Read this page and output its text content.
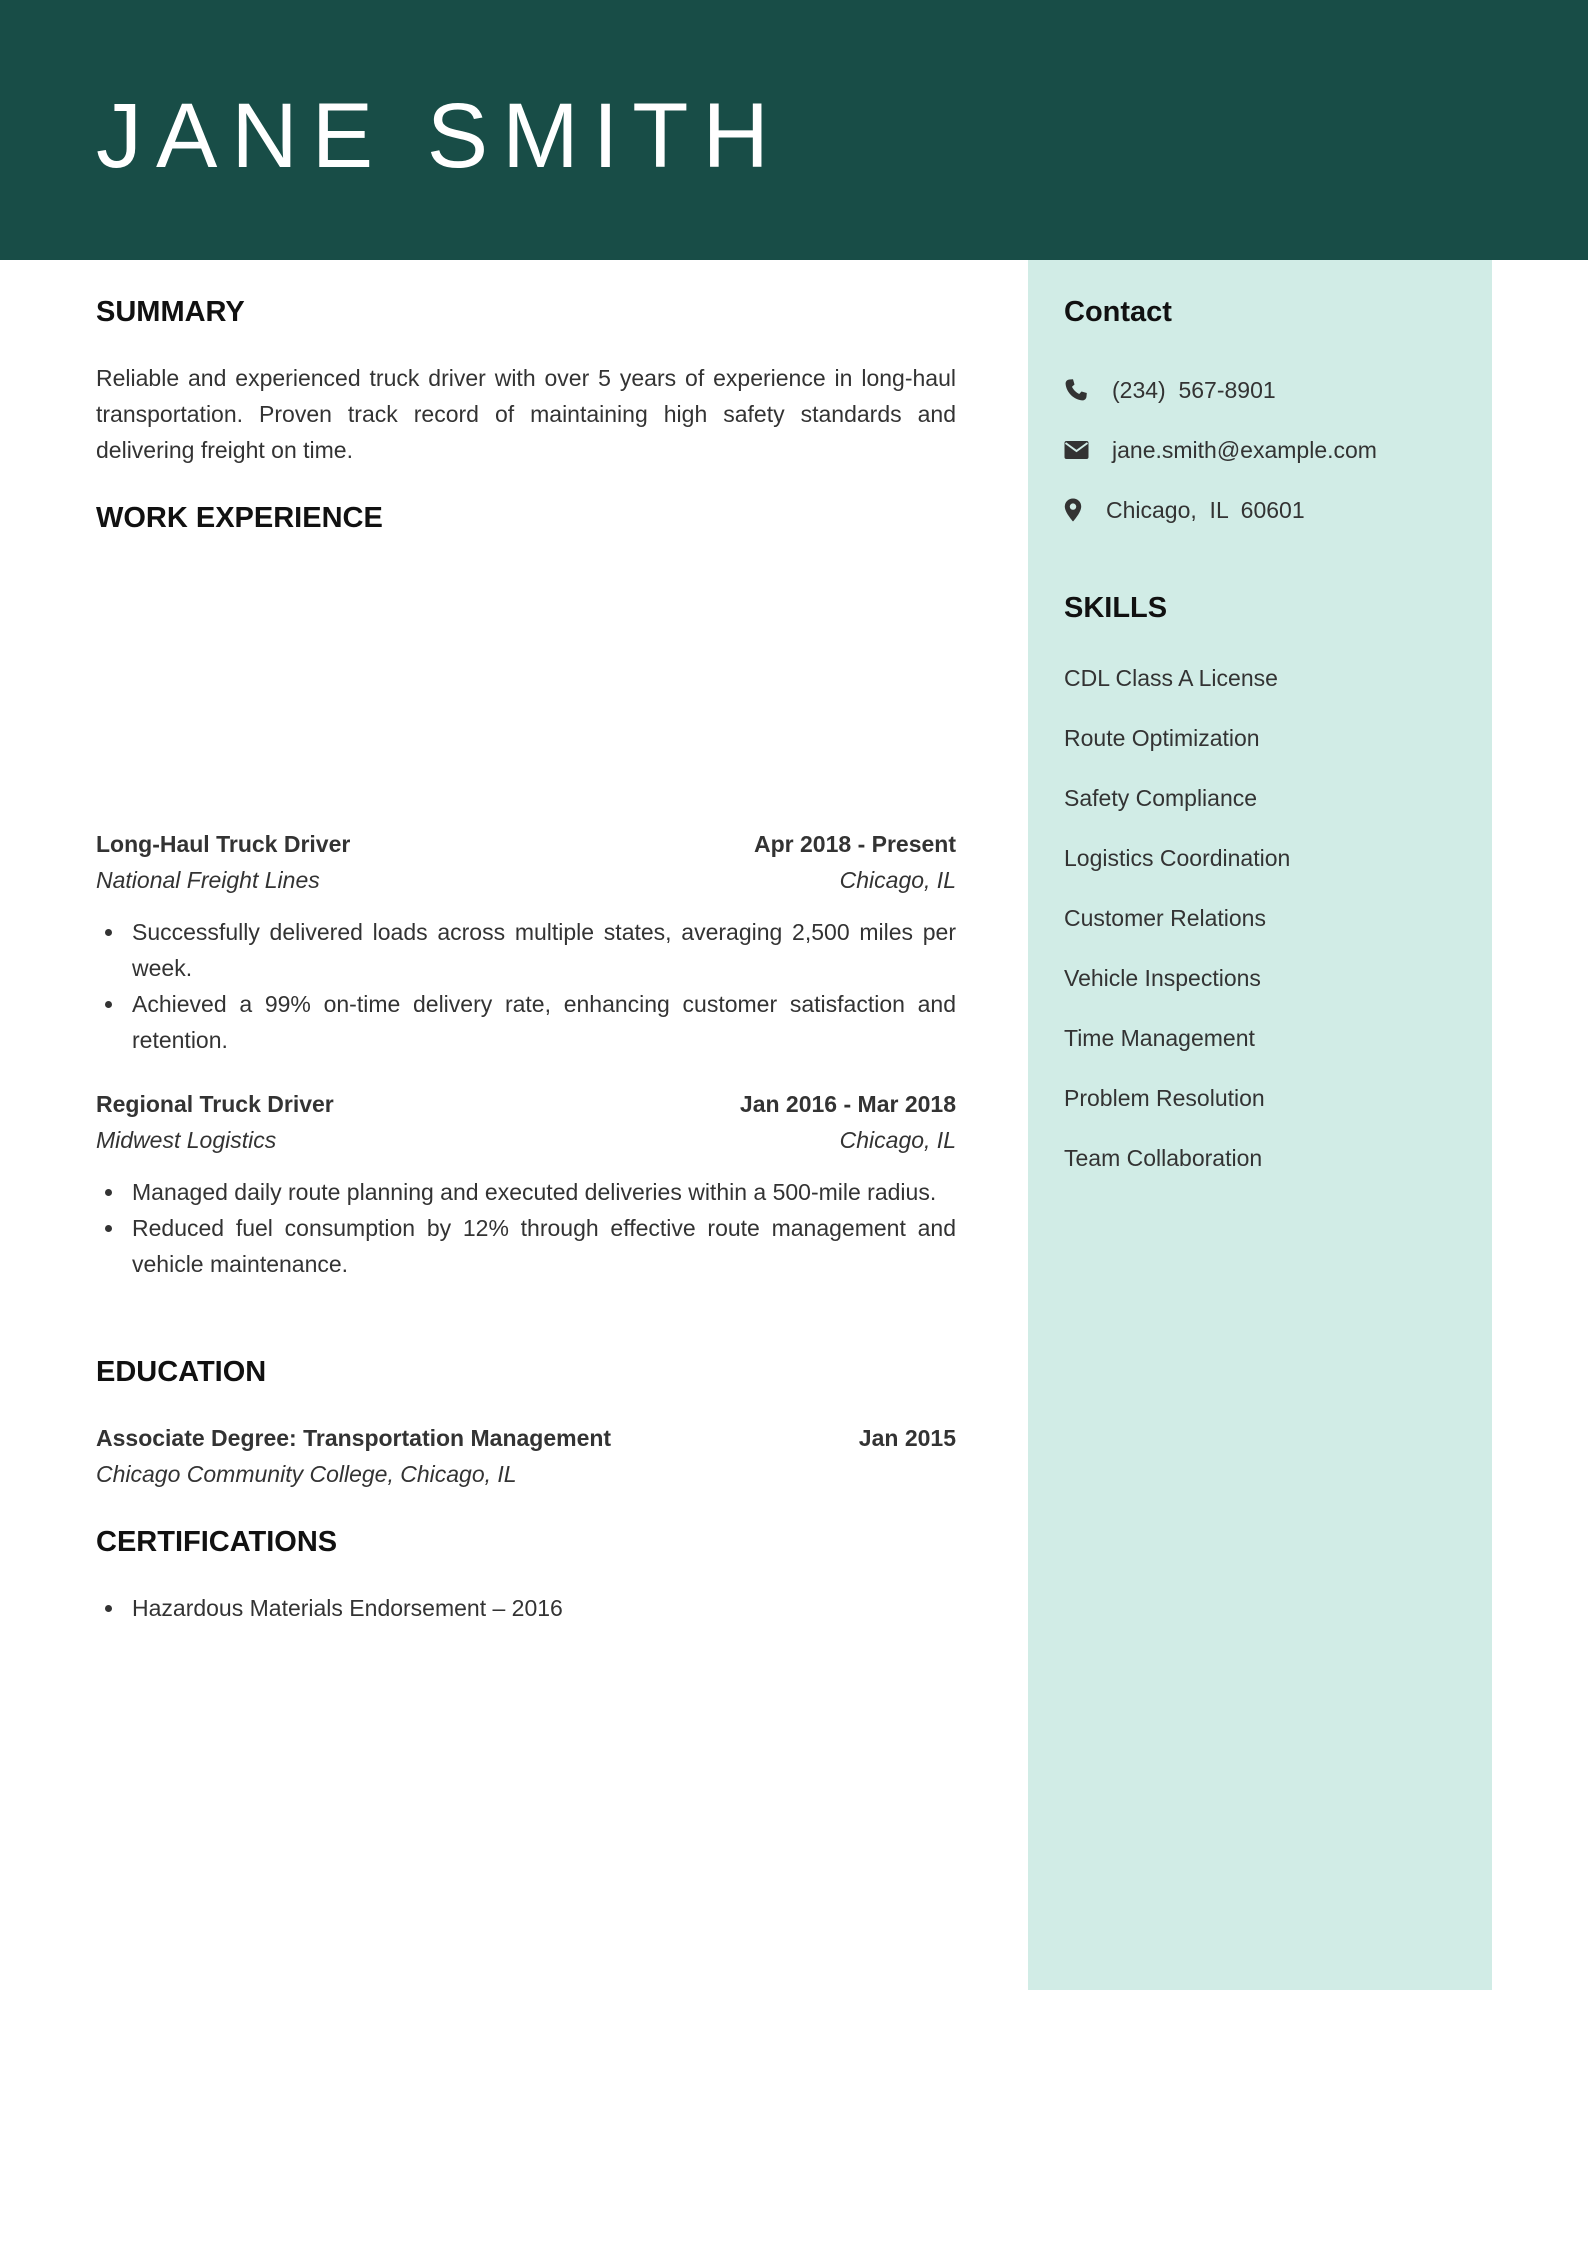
JANE SMITH
Contact
(234)  567-8901
jane.smith@example.com
Chicago,  IL  60601
SKILLS
CDL Class A License
Route Optimization
Safety Compliance
Logistics Coordination
Customer Relations
Vehicle Inspections
Time Management
Problem Resolution
Team Collaboration
SUMMARY

Reliable and experienced truck driver with over 5 years of experience in long-haul transportation. Proven track record of maintaining high safety standards and delivering freight on time.

WORK EXPERIENCE
Long-Haul Truck Driver	Apr 2018 - Present
National Freight Lines	Chicago, IL
Successfully delivered loads across multiple states, averaging 2,500 miles per week.
Achieved a 99% on-time delivery rate, enhancing customer satisfaction and retention.
Regional Truck Driver	Jan 2016 - Mar 2018
Midwest Logistics	Chicago, IL
Managed daily route planning and executed deliveries within a 500-mile radius.
Reduced fuel consumption by 12% through effective route management and vehicle maintenance.
EDUCATION
Associate Degree: Transportation Management	Jan 2015
Chicago Community College, Chicago, IL
CERTIFICATIONS
Hazardous Materials Endorsement – 2016
